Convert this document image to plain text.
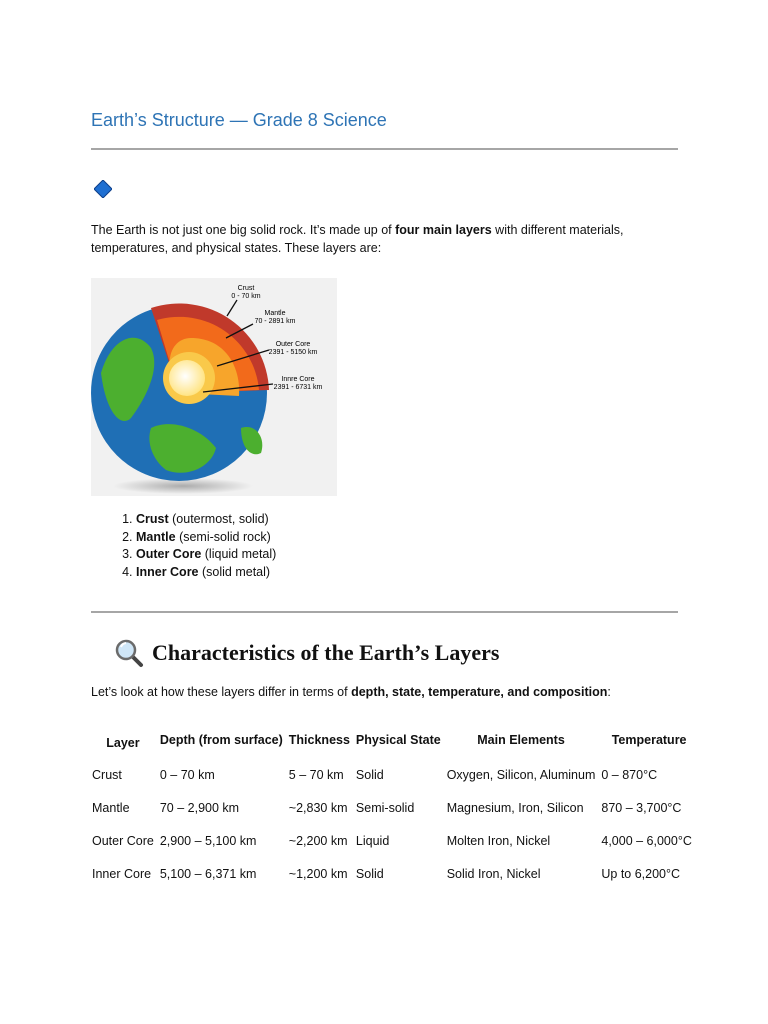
Earth’s Structure — Grade 8 Science

The Earth is not just one big solid rock. It’s made up of four main layers with different materials, temperatures, and physical states. These layers are:

Crust
0 - 70 km
Mantle
70 - 2891 km
Outer Core
2391 - 5150 km
Innre Core
2391 - 6731 km
1. Crust (outermost, solid)
2. Mantle (semi-solid rock)
3. Outer Core (liquid metal)
4. Inner Core (solid metal)
Characteristics of the Earth’s Layers

Let’s look at how these layers differ in terms of depth, state, temperature, and composition:

Layer	Depth (from surface)	Thickness	Physical State	Main Elements	Temperature
Crust	0 – 70 km	5 – 70 km	Solid	Oxygen, Silicon, Aluminum	0 – 870°C
Mantle	70 – 2,900 km	~2,830 km	Semi-solid	Magnesium, Iron, Silicon	870 – 3,700°C
Outer Core	2,900 – 5,100 km	~2,200 km	Liquid	Molten Iron, Nickel	4,000 – 6,000°C
Inner Core	5,100 – 6,371 km	~1,200 km	Solid	Solid Iron, Nickel	Up to 6,200°C
